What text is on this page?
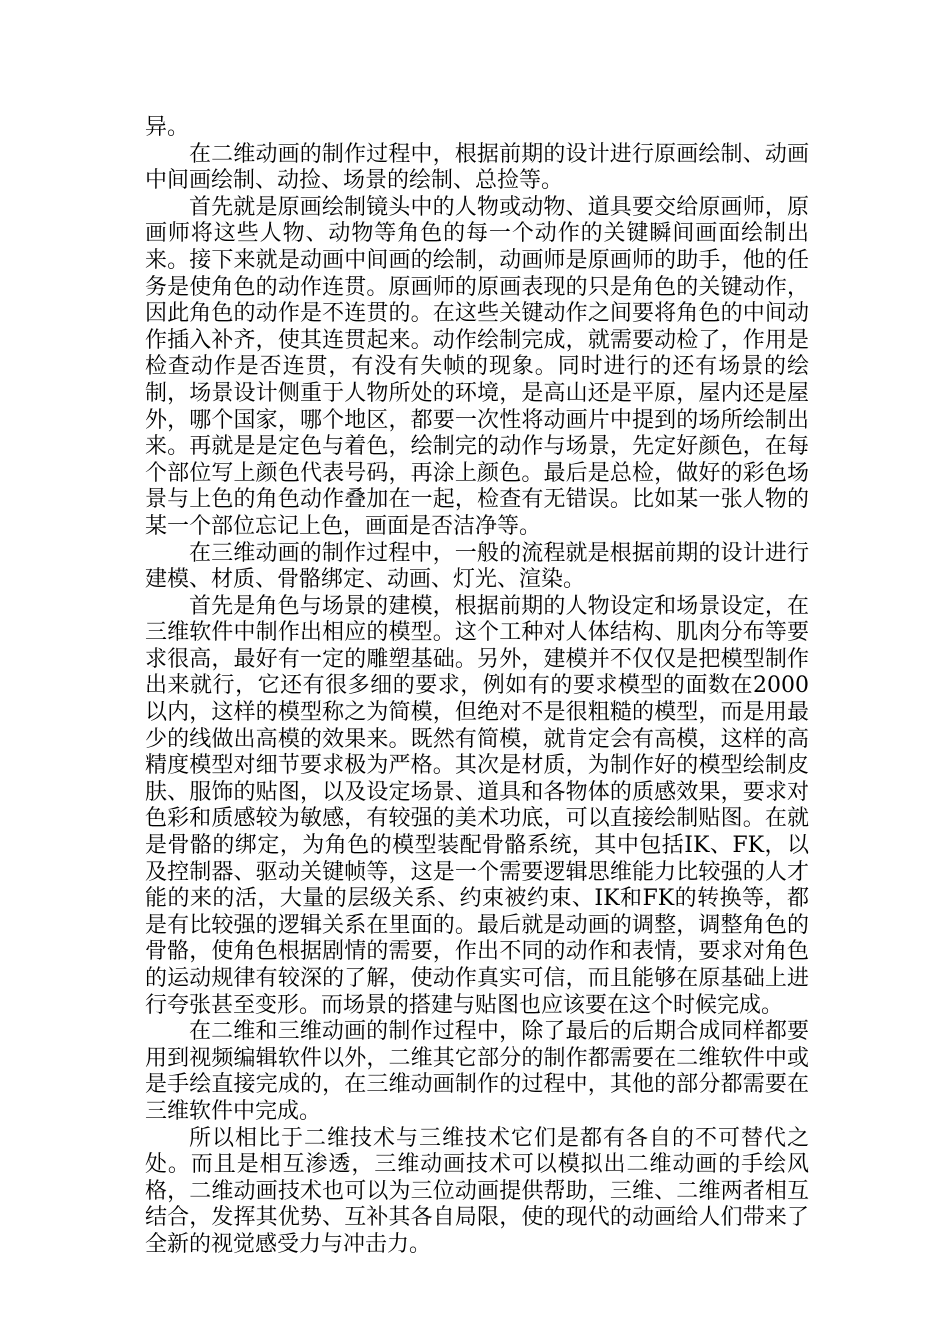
异。

在二维动画的制作过程中，根据前期的设计进行原画绘制、动画中间画绘制、动捡、场景的绘制、总捡等。

首先就是原画绘制镜头中的人物或动物、道具要交给原画师，原画师将这些人物、动物等角色的每一个动作的关键瞬间画面绘制出来。接下来就是动画中间画的绘制，动画师是原画师的助手，他的任务是使角色的动作连贯。原画师的原画表现的只是角色的关键动作，因此角色的动作是不连贯的。在这些关键动作之间要将角色的中间动作插入补齐，使其连贯起来。动作绘制完成，就需要动检了，作用是检查动作是否连贯，有没有失帧的现象。同时进行的还有场景的绘制，场景设计侧重于人物所处的环境，是高山还是平原，屋内还是屋外，哪个国家，哪个地区，都要一次性将动画片中提到的场所绘制出来。再就是是定色与着色，绘制完的动作与场景，先定好颜色，在每个部位写上颜色代表号码，再涂上颜色。最后是总检，做好的彩色场景与上色的角色动作叠加在一起，检查有无错误。比如某一张人物的某一个部位忘记上色，画面是否洁净等。

在三维动画的制作过程中，一般的流程就是根据前期的设计进行建模、材质、骨骼绑定、动画、灯光、渲染。

首先是角色与场景的建模，根据前期的人物设定和场景设定，在三维软件中制作出相应的模型。这个工种对人体结构、肌肉分布等要求很高，最好有一定的雕塑基础。另外，建模并不仅仅是把模型制作出来就行，它还有很多细的要求，例如有的要求模型的面数在2000以内，这样的模型称之为简模，但绝对不是很粗糙的模型，而是用最少的线做出高模的效果来。既然有简模，就肯定会有高模，这样的高精度模型对细节要求极为严格。其次是材质，为制作好的模型绘制皮肤、服饰的贴图，以及设定场景、道具和各物体的质感效果，要求对色彩和质感较为敏感，有较强的美术功底，可以直接绘制贴图。在就是骨骼的绑定，为角色的模型装配骨骼系统，其中包括IK、FK，以及控制器、驱动关键帧等，这是一个需要逻辑思维能力比较强的人才能的来的活，大量的层级关系、约束被约束、IK和FK的转换等，都是有比较强的逻辑关系在里面的。最后就是动画的调整，调整角色的骨骼，使角色根据剧情的需要，作出不同的动作和表情，要求对角色的运动规律有较深的了解，使动作真实可信，而且能够在原基础上进行夸张甚至变形。而场景的搭建与贴图也应该要在这个时候完成。

在二维和三维动画的制作过程中，除了最后的后期合成同样都要用到视频编辑软件以外，二维其它部分的制作都需要在二维软件中或是手绘直接完成的，在三维动画制作的过程中，其他的部分都需要在三维软件中完成。

所以相比于二维技术与三维技术它们是都有各自的不可替代之处。而且是相互渗透，三维动画技术可以模拟出二维动画的手绘风格，二维动画技术也可以为三位动画提供帮助，三维、二维两者相互结合，发挥其优势、互补其各自局限，使的现代的动画给人们带来了全新的视觉感受力与冲击力。
